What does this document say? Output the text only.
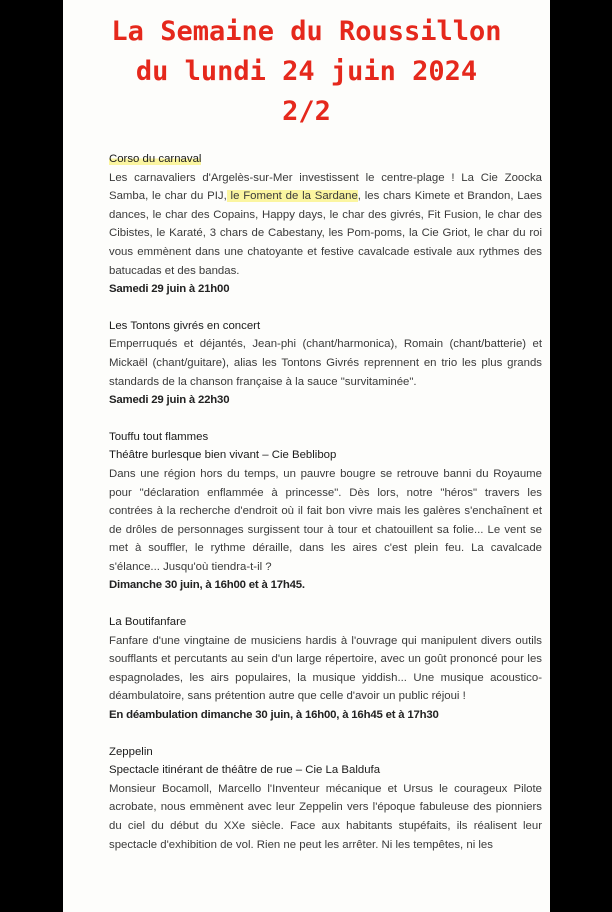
La Semaine du Roussillon

du lundi 24 juin 2024

2/2

Corso du carnaval
Les carnavaliers d'Argelès-sur-Mer investissent le centre-plage ! La Cie Zoocka Samba, le char du PIJ, le Foment de la Sardane, les chars Kimete et Brandon, Laes dances, le char des Copains, Happy days, le char des givrés, Fit Fusion, le char des Cibistes, le Karaté, 3 chars de Cabestany, les Pom-poms, la Cie Griot, le char du roi vous emmènent dans une chatoyante et festive cavalcade estivale aux rythmes des batucadas et des bandas.
Samedi 29 juin à 21h00
Les Tontons givrés en concert
Emperruqués et déjantés, Jean-phi (chant/harmonica), Romain (chant/batterie) et Mickaël (chant/guitare), alias les Tontons Givrés reprennent en trio les plus grands standards de la chanson française à la sauce "survitaminée".
Samedi 29 juin à 22h30
Touffu tout flammes
Théâtre burlesque bien vivant – Cie Beblibop
Dans une région hors du temps, un pauvre bougre se retrouve banni du Royaume pour "déclaration enflammée à princesse". Dès lors, notre "héros" travers les contrées à la recherche d'endroit où il fait bon vivre mais les galères s'enchaînent et de drôles de personnages surgissent tour à tour et chatouillent sa folie... Le vent se met à souffler, le rythme déraille, dans les aires c'est plein feu. La cavalcade s'élance... Jusqu'où tiendra-t-il ?
Dimanche 30 juin, à 16h00 et à 17h45.
La Boutifanfare
Fanfare d'une vingtaine de musiciens hardis à l'ouvrage qui manipulent divers outils soufflants et percutants au sein d'un large répertoire, avec un goût prononcé pour les espagnolades, les airs populaires, la musique yiddish... Une musique acoustico-déambulatoire, sans prétention autre que celle d'avoir un public réjoui !
En déambulation dimanche 30 juin, à 16h00, à 16h45 et à 17h30
Zeppelin
Spectacle itinérant de théâtre de rue – Cie La Baldufa
Monsieur Bocamoll, Marcello l'Inventeur mécanique et Ursus le courageux Pilote acrobate, nous emmènent avec leur Zeppelin vers l'époque fabuleuse des pionniers du ciel du début du XXe siècle. Face aux habitants stupéfaits, ils réalisent leur spectacle d'exhibition de vol. Rien ne peut les arrêter. Ni les tempêtes, ni les
